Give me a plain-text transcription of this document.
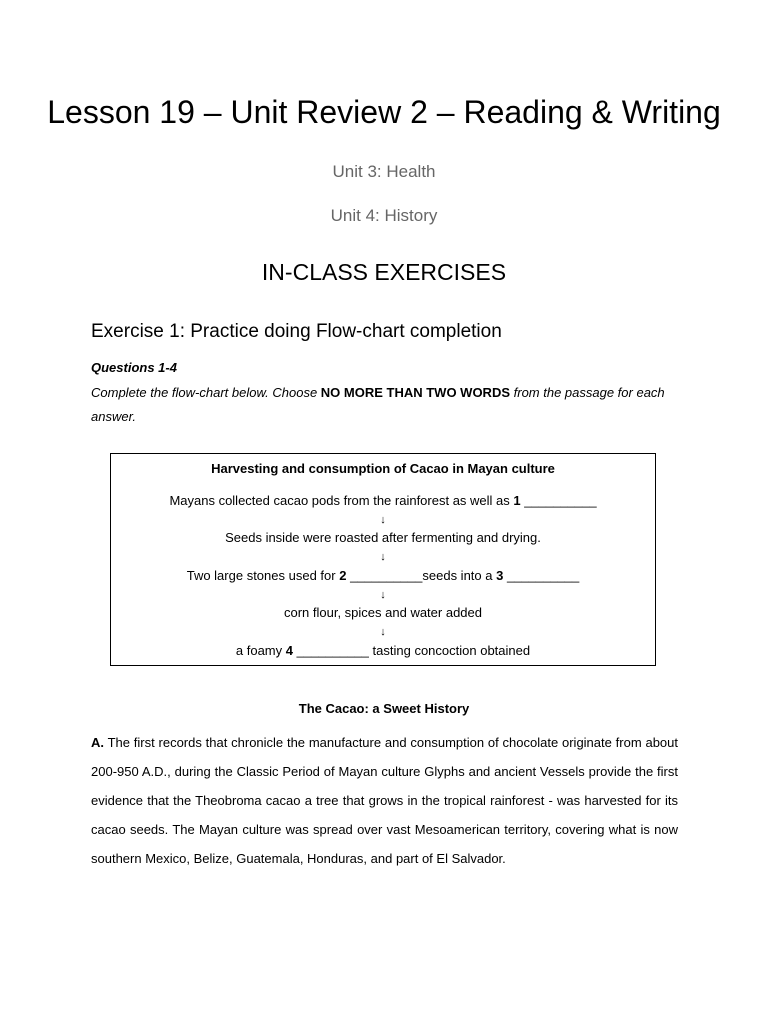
Lesson 19 – Unit Review 2 – Reading & Writing
Unit 3: Health
Unit 4: History
IN-CLASS EXERCISES
Exercise 1: Practice doing Flow-chart completion
Questions 1-4
Complete the flow-chart below. Choose NO MORE THAN TWO WORDS from the passage for each answer.
Harvesting and consumption of Cacao in Mayan culture
Mayans collected cacao pods from the rainforest as well as 1 __________
↓
Seeds inside were roasted after fermenting and drying.
↓
Two large stones used for 2 __________seeds into a 3 __________
↓
corn flour, spices and water added
↓
a foamy 4 __________ tasting concoction obtained
The Cacao: a Sweet History
A. The first records that chronicle the manufacture and consumption of chocolate originate from about 200-950 A.D., during the Classic Period of Mayan culture Glyphs and ancient Vessels provide the first evidence that the Theobroma cacao a tree that grows in the tropical rainforest - was harvested for its cacao seeds. The Mayan culture was spread over vast Mesoamerican territory, covering what is now southern Mexico, Belize, Guatemala, Honduras, and part of El Salvador.
